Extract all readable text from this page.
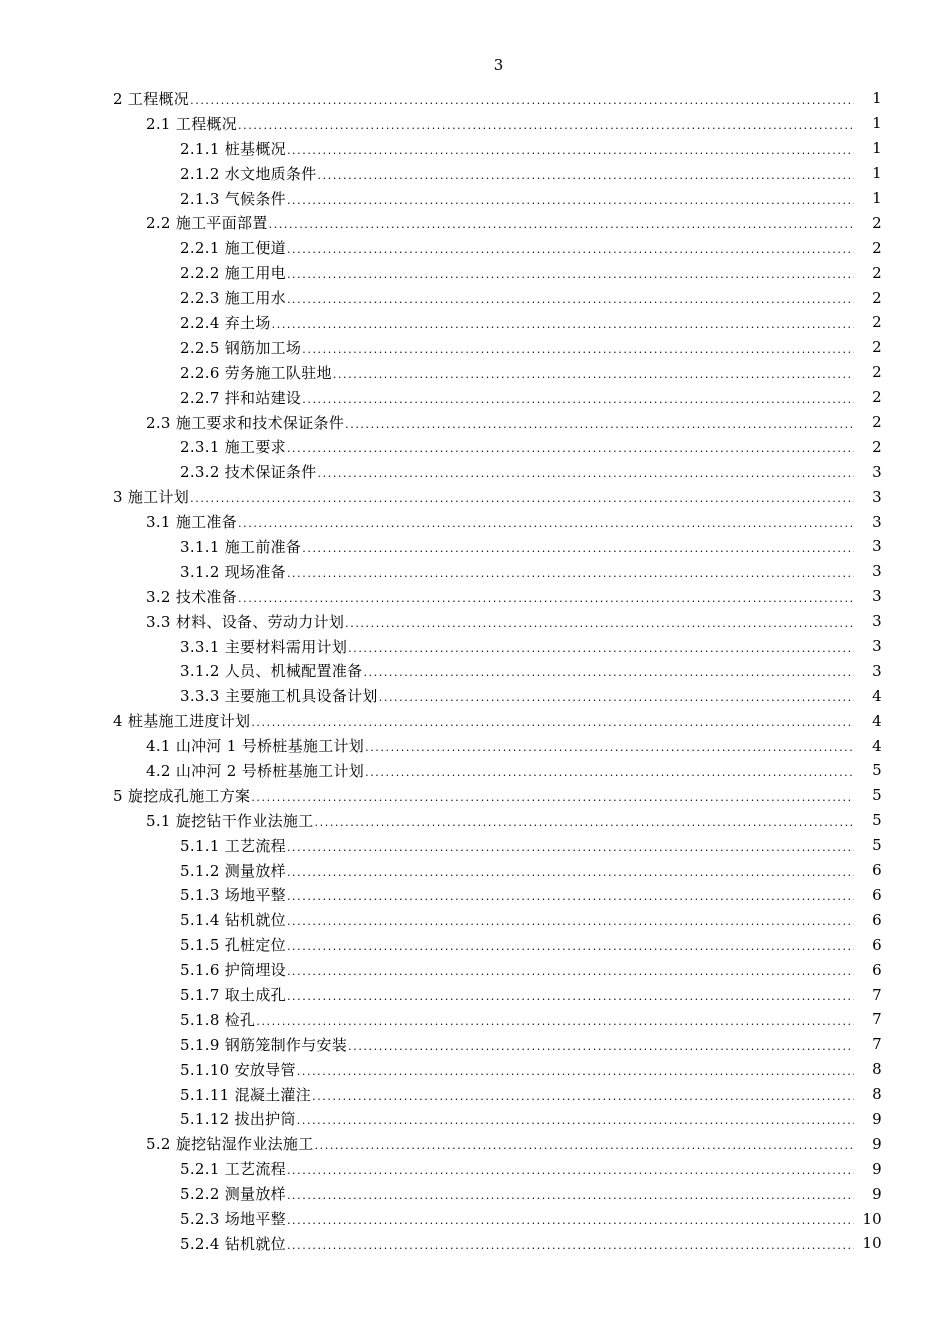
3
2 工程概况 .....	1
2.1 工程概况 .....	1
2.1.1 桩基概况 .....	1
2.1.2 水文地质条件 .....	1
2.1.3 气候条件 .....	1
2.2 施工平面部置 .....	2
2.2.1 施工便道 .....	2
2.2.2 施工用电 .....	2
2.2.3 施工用水 .....	2
2.2.4 弃土场 .....	2
2.2.5 钢筋加工场 .....	2
2.2.6 劳务施工队驻地 .....	2
2.2.7 拌和站建设 .....	2
2.3 施工要求和技术保证条件 .....	2
2.3.1 施工要求 .....	2
2.3.2 技术保证条件 .....	3
3 施工计划 .....	3
3.1 施工准备 .....	3
3.1.1 施工前准备 .....	3
3.1.2 现场准备 .....	3
3.2 技术准备 .....	3
3.3 材料、设备、劳动力计划 .....	3
3.3.1 主要材料需用计划 .....	3
3.1.2 人员、机械配置准备 .....	3
3.3.3 主要施工机具设备计划 .....	4
4 桩基施工进度计划 .....	4
4.1 山冲河 1 号桥桩基施工计划 .....	4
4.2 山冲河 2 号桥桩基施工计划 .....	5
5 旋挖成孔施工方案 .....	5
5.1 旋挖钻干作业法施工 .....	5
5.1.1 工艺流程 .....	5
5.1.2 测量放样 .....	6
5.1.3 场地平整 .....	6
5.1.4 钻机就位 .....	6
5.1.5 孔桩定位 .....	6
5.1.6 护筒埋设 .....	6
5.1.7 取土成孔 .....	7
5.1.8 检孔 .....	7
5.1.9 钢筋笼制作与安装 .....	7
5.1.10 安放导管 .....	8
5.1.11 混凝土灌注 .....	8
5.1.12 拔出护筒 .....	9
5.2 旋挖钻湿作业法施工 .....	9
5.2.1 工艺流程 .....	9
5.2.2 测量放样 .....	9
5.2.3 场地平整 .....	10
5.2.4 钻机就位 .....	10
